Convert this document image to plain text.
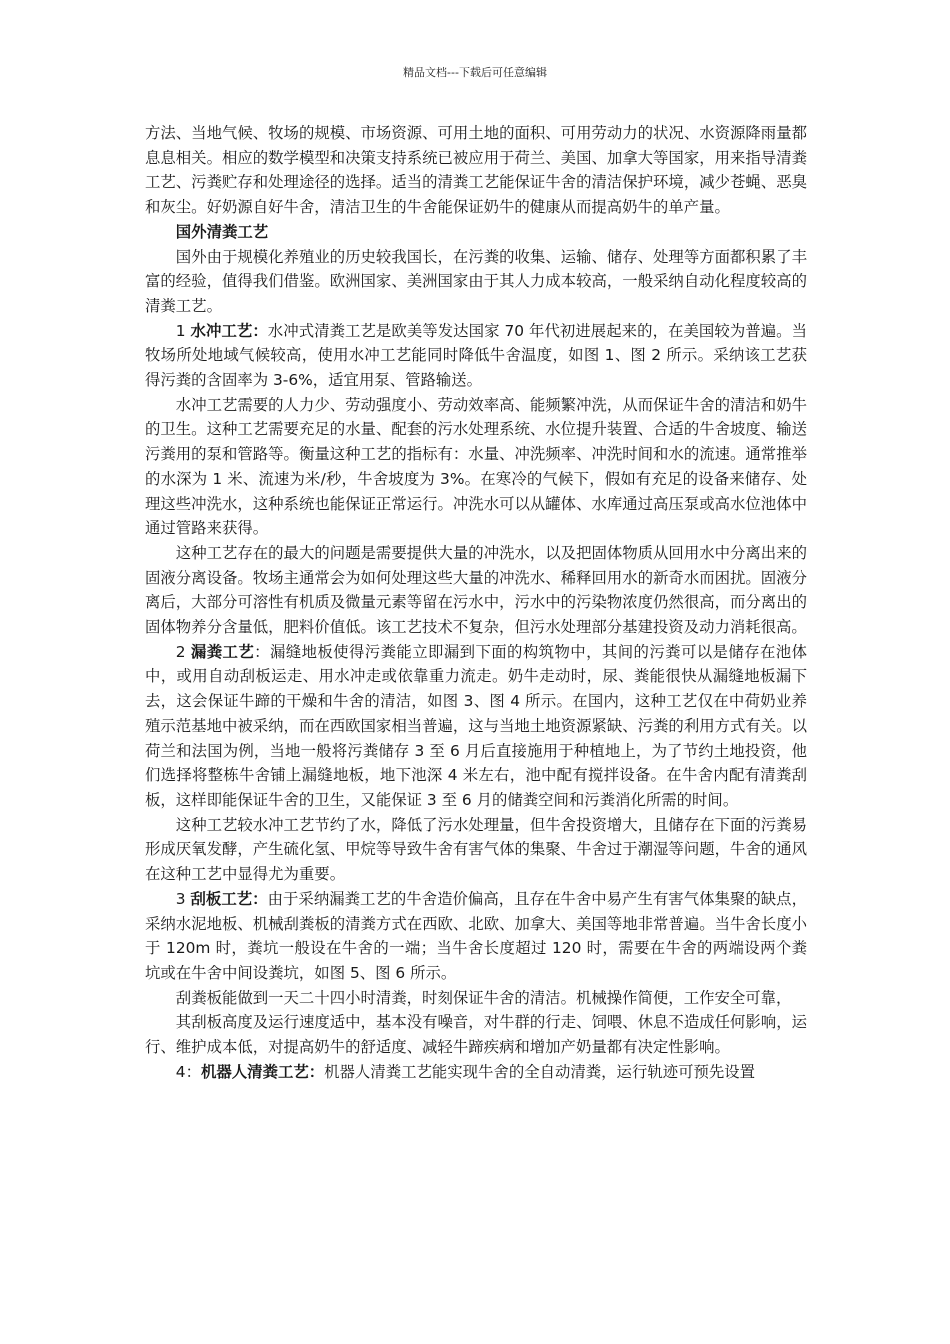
精品文档---下载后可任意编辑

方法、当地气候、牧场的规模、市场资源、可用土地的面积、可用劳动力的状况、水资源降雨量都息息相关。相应的数学模型和决策支持系统已被应用于荷兰、美国、加拿大等国家，用来指导清粪工艺、污粪贮存和处理途径的选择。适当的清粪工艺能保证牛舍的清洁保护环境，减少苍蝇、恶臭和灰尘。好奶源自好牛舍，清洁卫生的牛舍能保证奶牛的健康从而提高奶牛的单产量。

国外清粪工艺

国外由于规模化养殖业的历史较我国长，在污粪的收集、运输、储存、处理等方面都积累了丰富的经验，值得我们借鉴。欧洲国家、美洲国家由于其人力成本较高，一般采纳自动化程度较高的清粪工艺。

1 水冲工艺：水冲式清粪工艺是欧美等发达国家 70 年代初进展起来的，在美国较为普遍。当牧场所处地域气候较高，使用水冲工艺能同时降低牛舍温度，如图 1、图 2 所示。采纳该工艺获得污粪的含固率为 3-6%，适宜用泵、管路输送。

水冲工艺需要的人力少、劳动强度小、劳动效率高、能频繁冲洗，从而保证牛舍的清洁和奶牛的卫生。这种工艺需要充足的水量、配套的污水处理系统、水位提升装置、合适的牛舍坡度、输送污粪用的泵和管路等。衡量这种工艺的指标有：水量、冲洗频率、冲洗时间和水的流速。通常推举的水深为 1 米、流速为米/秒，牛舍坡度为 3%。在寒冷的气候下，假如有充足的设备来储存、处理这些冲洗水，这种系统也能保证正常运行。冲洗水可以从罐体、水库通过高压泵或高水位池体中通过管路来获得。

这种工艺存在的最大的问题是需要提供大量的冲洗水，以及把固体物质从回用水中分离出来的固液分离设备。牧场主通常会为如何处理这些大量的冲洗水、稀释回用水的新奇水而困扰。固液分离后，大部分可溶性有机质及微量元素等留在污水中，污水中的污染物浓度仍然很高，而分离出的固体物养分含量低，肥料价值低。该工艺技术不复杂，但污水处理部分基建投资及动力消耗很高。

2 漏粪工艺：漏缝地板使得污粪能立即漏到下面的构筑物中，其间的污粪可以是储存在池体中，或用自动刮板运走、用水冲走或依靠重力流走。奶牛走动时，尿、粪能很快从漏缝地板漏下去，这会保证牛蹄的干燥和牛舍的清洁，如图 3、图 4 所示。在国内，这种工艺仅在中荷奶业养殖示范基地中被采纳，而在西欧国家相当普遍，这与当地土地资源紧缺、污粪的利用方式有关。以荷兰和法国为例，当地一般将污粪储存 3 至 6 月后直接施用于种植地上，为了节约土地投资，他们选择将整栋牛舍铺上漏缝地板，地下池深 4 米左右，池中配有搅拌设备。在牛舍内配有清粪刮板，这样即能保证牛舍的卫生，又能保证 3 至 6 月的储粪空间和污粪消化所需的时间。

这种工艺较水冲工艺节约了水，降低了污水处理量，但牛舍投资增大，且储存在下面的污粪易形成厌氧发酵，产生硫化氢、甲烷等导致牛舍有害气体的集聚、牛舍过于潮湿等问题，牛舍的通风在这种工艺中显得尤为重要。

3 刮板工艺：由于采纳漏粪工艺的牛舍造价偏高，且存在牛舍中易产生有害气体集聚的缺点，采纳水泥地板、机械刮粪板的清粪方式在西欧、北欧、加拿大、美国等地非常普遍。当牛舍长度小于 120m 时，粪坑一般设在牛舍的一端；当牛舍长度超过 120 时，需要在牛舍的两端设两个粪坑或在牛舍中间设粪坑，如图 5、图 6 所示。

刮粪板能做到一天二十四小时清粪，时刻保证牛舍的清洁。机械操作简便，工作安全可靠，

其刮板高度及运行速度适中，基本没有噪音，对牛群的行走、饲喂、休息不造成任何影响，运行、维护成本低，对提高奶牛的舒适度、减轻牛蹄疾病和增加产奶量都有决定性影响。

4：机器人清粪工艺：机器人清粪工艺能实现牛舍的全自动清粪，运行轨迹可预先设置
